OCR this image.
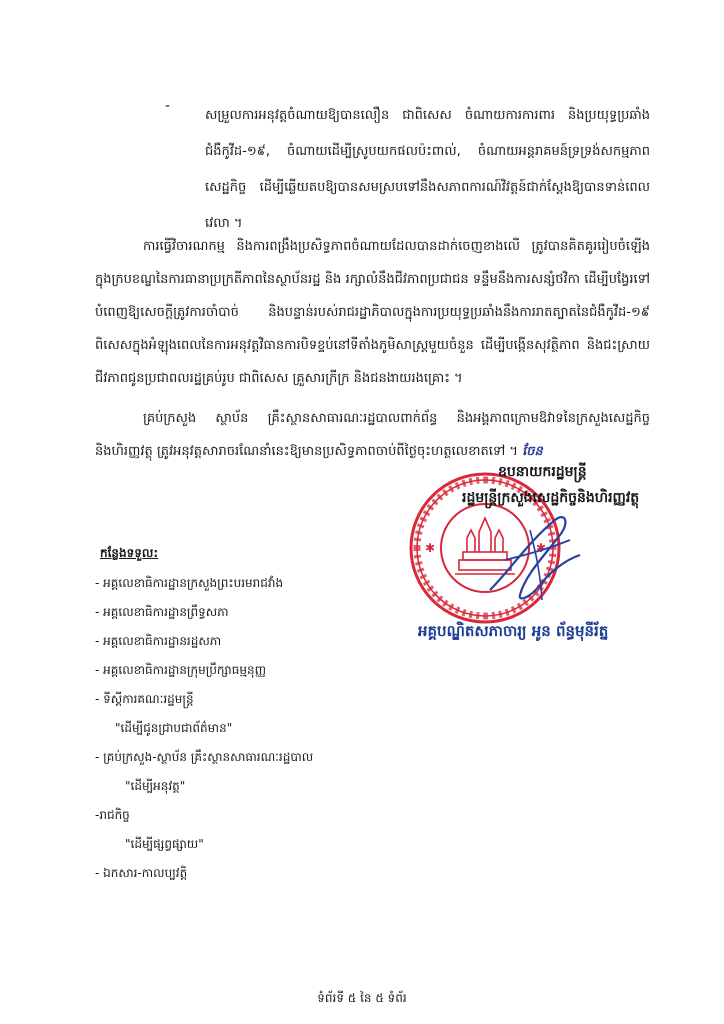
-
សម្រួលការអនុវត្តចំណាយឱ្យបានលឿន ជាពិសេស ចំណាយការការពារ និងប្រយុទ្ធប្រឆាំងជំងឺកូវីដ-១៩, ចំណាយដើម្បីស្រូបយកផលប៉ះពាល់, ចំណាយអន្តរាគមន៍ទ្រទ្រង់សកម្មភាពសេដ្ឋកិច្ច ដើម្បីឆ្លើយតបឱ្យបានសមស្របទៅនឹងសភាពការណ៍វិវត្តន៍ជាក់ស្តែងឱ្យបានទាន់ពេលវេលា ។
ការធ្វើវិចារណកម្ម និងការពង្រឹងប្រសិទ្ធភាពចំណាយដែលបានដាក់ចេញខាងលើ ត្រូវបានគិតគូររៀបចំឡើងក្នុងក្របខណ្ឌនៃការធានាប្រក្រតីភាពនៃស្ថាប័នរដ្ឋ និង រក្សាលំនឹងជីវភាពប្រជាជន ទន្ទឹមនឹងការសន្សំថវិកា ដើម្បីបង្វែរទៅបំពេញឱ្យសេចក្តីត្រូវការចាំបាច់ និងបន្ទាន់របស់រាជរដ្ឋាភិបាលក្នុងការប្រយុទ្ធប្រឆាំងនឹងការរាតត្បាតនៃជំងឺកូវីដ-១៩ ពិសេសក្នុងអំឡុងពេលនៃការអនុវត្តវិធានការបិទខ្ទប់នៅទីតាំងភូមិសាស្ត្រមួយចំនួន ដើម្បីបង្កើនសុវត្ថិភាព និងជះស្រាយជីវភាពជូនប្រជាពលរដ្ឋគ្រប់រូប ជាពិសេស គ្រួសារក្រីក្រ និងជនងាយរងគ្រោះ ។
គ្រប់ក្រសួង ស្ថាប័ន គ្រឹះស្ថានសាធារណៈរដ្ឋបាលពាក់ព័ន្ធ និងអង្គភាពក្រោមឱវាទនៃក្រសួងសេដ្ឋកិច្ចនិងហិរញ្ញវត្ថុ ត្រូវអនុវត្តសារាចរណែនាំនេះឱ្យមានប្រសិទ្ធភាពចាប់ពីថ្ងៃចុះហត្ថលេខាតទៅ ។ ចែន
✱	✱
ឧបនាយករដ្ឋមន្ត្រី
រដ្ឋមន្ត្រីក្រសួងសេដ្ឋកិច្ចនិងហិរញ្ញវត្ថុ
អគ្គបណ្ឌិតសភាចារ្យ អូន ព័ន្ធមុនីរ័ត្ន
កន្លែងទទួល:
- អគ្គលេខាធិការដ្ឋានក្រសួងព្រះបរមរាជវាំង
- អគ្គលេខាធិការដ្ឋានព្រឹទ្ធសភា
- អគ្គលេខាធិការដ្ឋានរដ្ឋសភា
- អគ្គលេខាធិការដ្ឋានក្រុមប្រឹក្សាធម្មនុញ្ញ
- ទីស្តីការគណៈរដ្ឋមន្ត្រី
"ដើម្បីជូនជ្រាបជាព័ត៌មាន"
- គ្រប់ក្រសួង-ស្ថាប័ន គ្រឹះស្ថានសាធារណៈរដ្ឋបាល
"ដើម្បីអនុវត្ត"
-រាជកិច្ច
"ដើម្បីផ្សព្វផ្សាយ"
- ឯកសារ-កាលប្បវត្តិ
ទំព័រទី ៥ នៃ ៥ ទំព័រ
